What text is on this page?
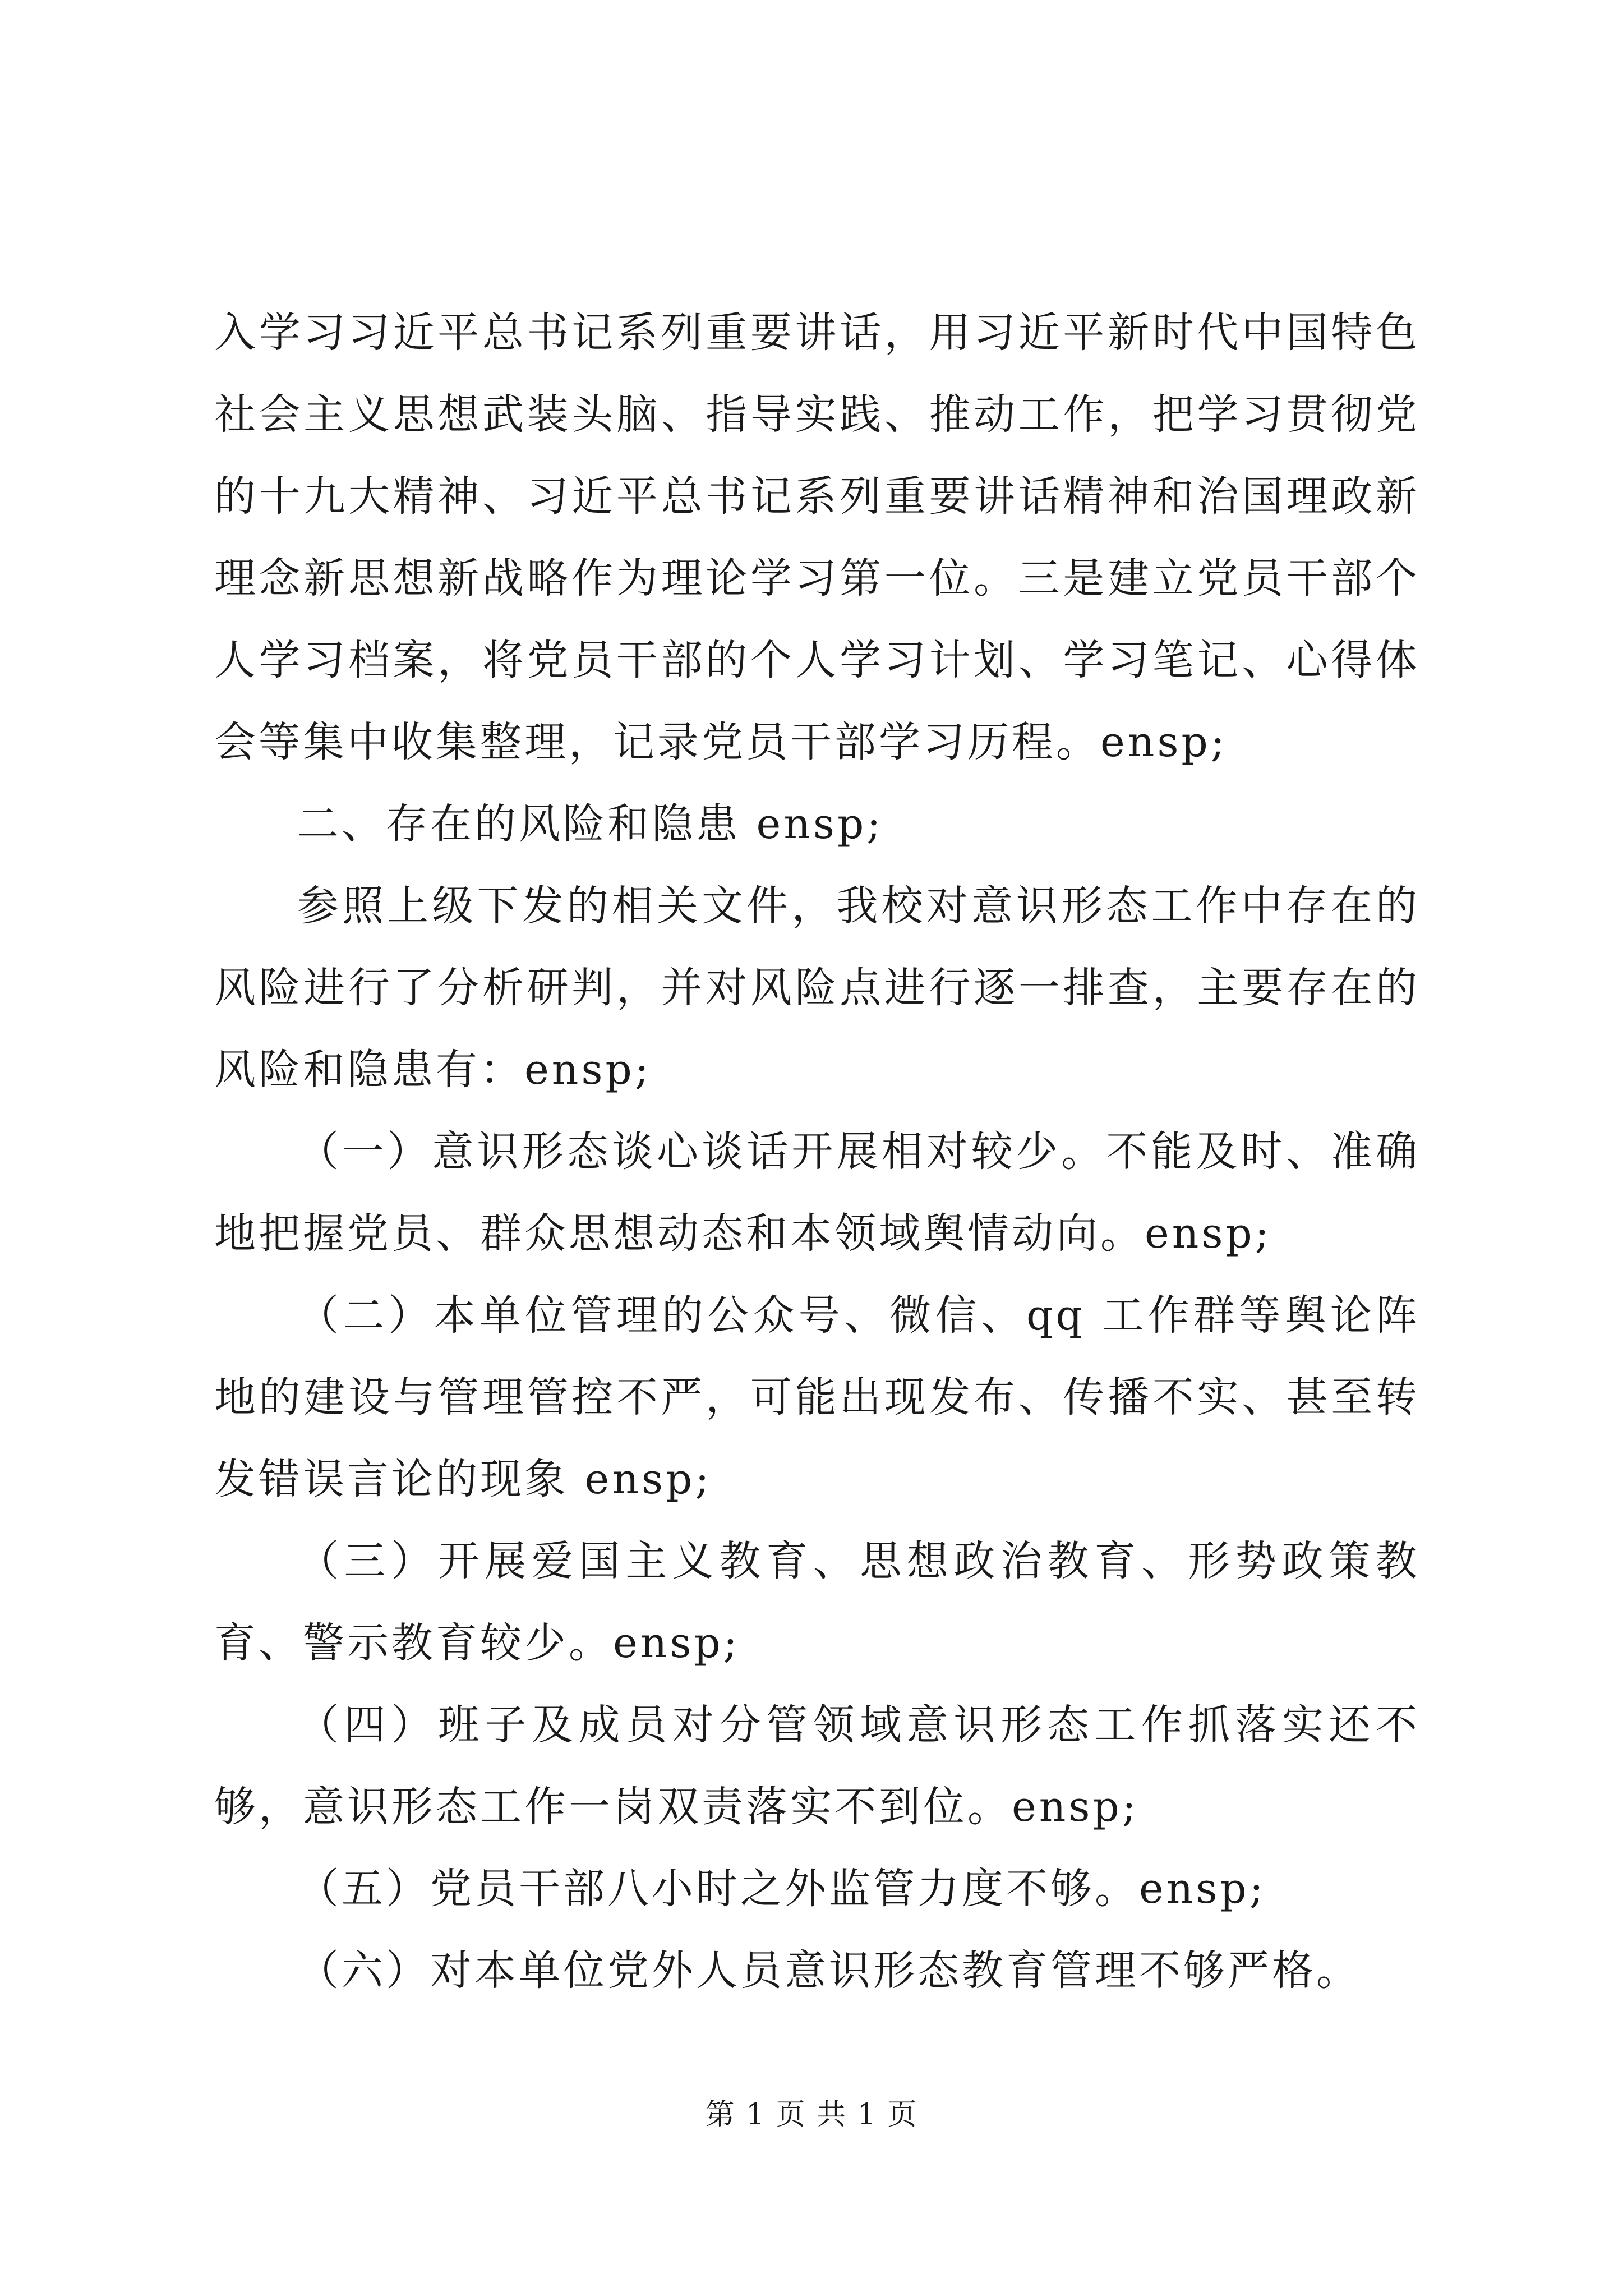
入学习习近平总书记系列重要讲话，用习近平新时代中国特色社会主义思想武装头脑、指导实践、推动工作，把学习贯彻党的十九大精神、习近平总书记系列重要讲话精神和治国理政新理念新思想新战略作为理论学习第一位。三是建立党员干部个人学习档案，将党员干部的个人学习计划、学习笔记、心得体会等集中收集整理，记录党员干部学习历程。ensp;

二、存在的风险和隐患 ensp;

参照上级下发的相关文件，我校对意识形态工作中存在的风险进行了分析研判，并对风险点进行逐一排查，主要存在的风险和隐患有：ensp;

（一）意识形态谈心谈话开展相对较少。不能及时、准确地把握党员、群众思想动态和本领域舆情动向。ensp;

（二）本单位管理的公众号、微信、qq 工作群等舆论阵地的建设与管理管控不严，可能出现发布、传播不实、甚至转发错误言论的现象 ensp;

（三）开展爱国主义教育、思想政治教育、形势政策教育、警示教育较少。ensp;

（四）班子及成员对分管领域意识形态工作抓落实还不够，意识形态工作一岗双责落实不到位。ensp;

（五）党员干部八小时之外监管力度不够。ensp;

（六）对本单位党外人员意识形态教育管理不够严格。

第 1 页 共 1 页
